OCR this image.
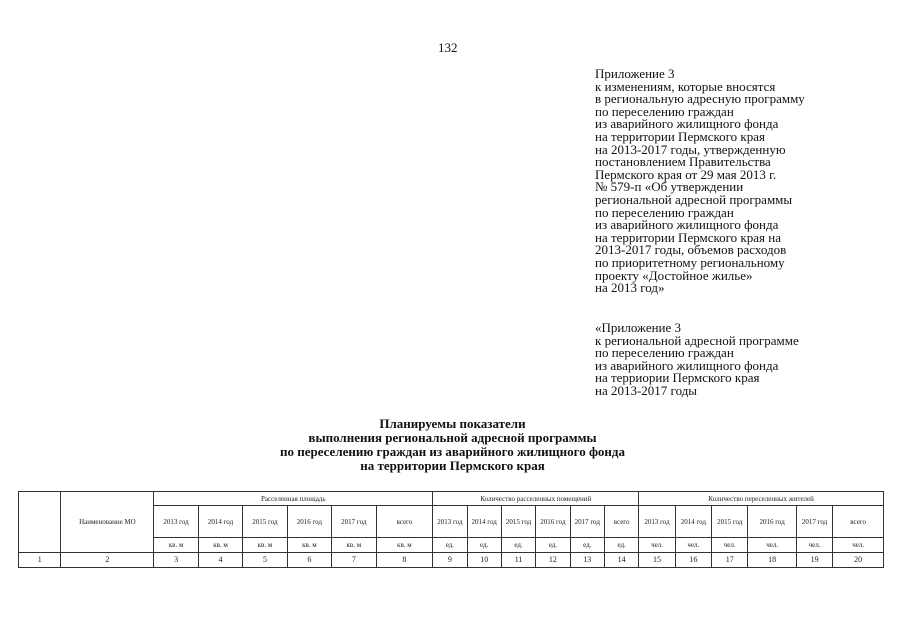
132
Приложение 3
к изменениям, которые вносятся
в региональную адресную программу
по переселению граждан
из аварийного жилищного фонда
на территории Пермского края
на 2013-2017 годы, утвержденную
постановлением Правительства
Пермского края от 29 мая 2013 г.
№ 579-п «Об утверждении
региональной адресной программы
по переселению граждан
из аварийного жилищного фонда
на территории Пермского края на
2013-2017 годы, объемов расходов
по приоритетному региональному
проекту «Достойное жилье»
на 2013 год»
«Приложение 3
к региональной адресной программе
по переселению граждан
из аварийного жилищного фонда
на терриории Пермского края
на 2013-2017 годы
Планируемы показатели
выполнения региональной адресной программы
по переселению граждан из аварийного жилищного фонда
на территории Пермского края
	Наименование МО	Расселенная площадь						Количество расселенных помещений						Количество переселенных жителей					
		2013 год	2014 год	2015 год	2016 год	2017 год	всего	2013 год	2014 год	2015 год	2016 год	2017 год	всего	2013 год	2014 год	2015 год	2016 год	2017 год	всего
		кв. м	кв. м	кв. м	кв. м	кв. м	кв. м	ед.	ед.	ед.	ед.	ед.	ед.	чел.	чел.	чел.	чел.	чел.	чел.
1	2	3	4	5	6	7	8	9	10	11	12	13	14	15	16	17	18	19	20
